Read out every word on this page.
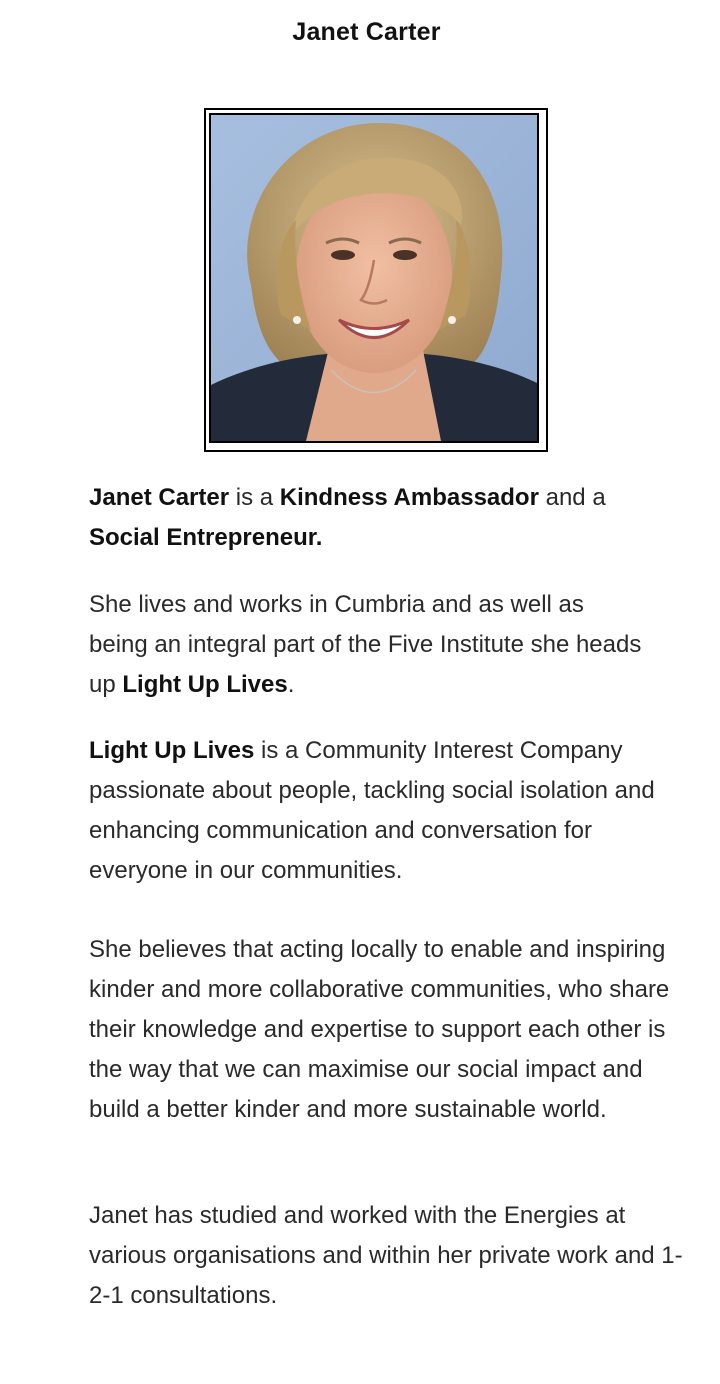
Janet Carter

Janet Carter is a Kindness Ambassador and a Social Entrepreneur.

She lives and works in Cumbria and as well as being an integral part of the Five Institute she heads up Light Up Lives.

Light Up Lives is a Community Interest Company passionate about people, tackling social isolation and enhancing communication and conversation for everyone in our communities.

She believes that acting locally to enable and inspiring kinder and more collaborative communities, who share their knowledge and expertise to support each other is the way that we can maximise our social impact and build a better kinder and more sustainable world.

Janet has studied and worked with the Energies at various organisations and within her private work and 1-2-1 consultations.
